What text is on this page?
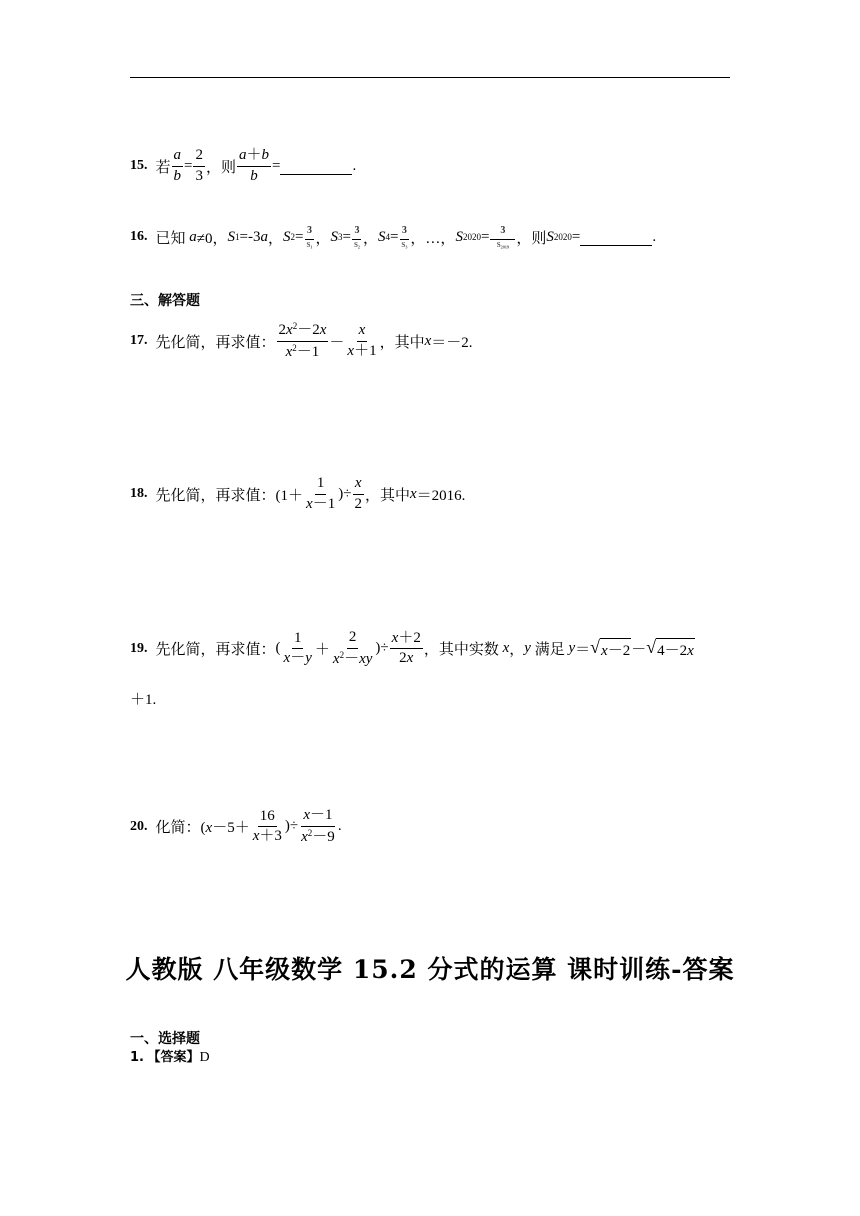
15. 若 $\frac{a}{b} = \frac{2}{3}$ ，则 $\frac{a+b}{b}$ =	.
16. 已知
a ≠0， S 1 =-3 a ， S $2 = \frac{3}{\text{S₁}}$ ， S $3 = \frac{3}{\text{S₂}}$ ， S $4 = \frac{3}{\text{S₃}}$ ，…， S $2020 = \frac{3}{\text{S₂₀₁₉}}$ ，则 S 2020 =	.
三、解答题
17. 先化简，再求值： $\frac{2x^2-2x}{x^2-1} - \frac{x}{x+1}$ ，其中 x ＝－2.
18. 先化简，再求值： ($1+ \frac{1}{x-1}$ )÷ $\frac{x}{2}$ ，其中 x ＝2016.
19. 先化简，再求值： ( $\frac{1}{x-y} + \frac{2}{x^2-xy}$ )÷ $\frac{x+2}{2x}$ ，其中实数
x ， y
满足
y ＝ √ x－2 － √ 4－2x
＋1.
20. 化简： ($x-5+ \frac{16}{x+3}$ )÷ $\frac{x-1}{x^2-9}$ .
人教版 八年级数学 15.2 分式的运算 课时训练-答案
一、选择题
1. 【答案】D
